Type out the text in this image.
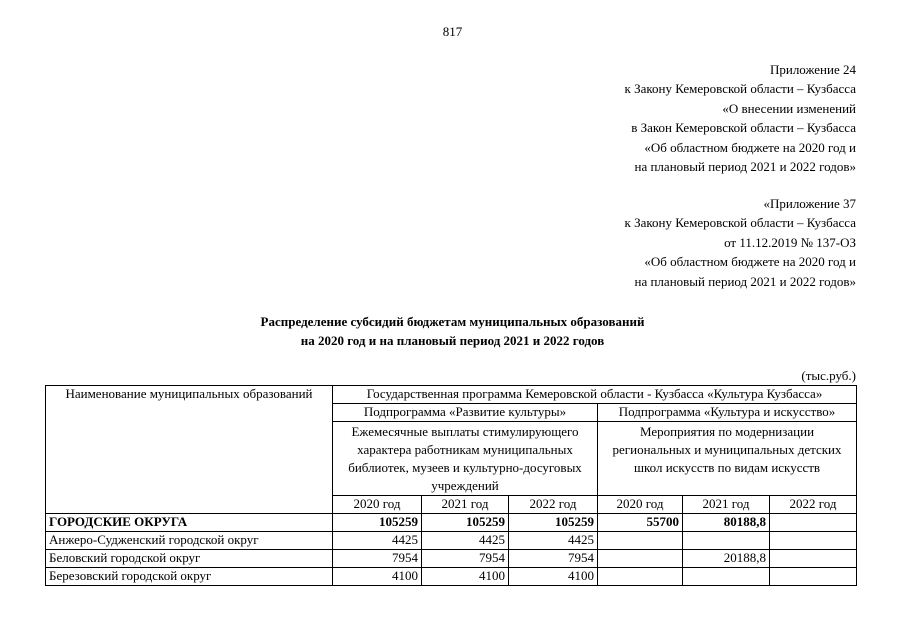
817
Приложение 24
к Закону Кемеровской области – Кузбасса
«О внесении изменений
в Закон Кемеровской области – Кузбасса
«Об областном бюджете на 2020 год и
на плановый период 2021 и 2022 годов»
«Приложение 37
к Закону Кемеровской области – Кузбасса
от 11.12.2019 № 137-ОЗ
«Об областном бюджете на 2020 год и
на плановый период 2021 и 2022 годов»
Распределение субсидий бюджетам муниципальных образований
на 2020 год и на плановый период 2021 и 2022 годов
(тыс.руб.)
Наименование муниципальных образований	Государственная программа Кемеровской области - Кузбасса «Культура Кузбасса»					
	Подпрограмма «Развитие культуры»			Подпрограмма «Культура и искусство»		
	Ежемесячные выплаты стимулирующего характера работникам муниципальных библиотек, музеев и культурно-досуговых учреждений			Мероприятия по модернизации региональных и муниципальных детских школ искусств по видам искусств		
	2020 год	2021 год	2022 год	2020 год	2021 год	2022 год
ГОРОДСКИЕ ОКРУГА	105259	105259	105259	55700	80188,8	
Анжеро-Судженский городской округ	4425	4425	4425			
Беловский городской округ	7954	7954	7954		20188,8	
Березовский городской округ	4100	4100	4100			
